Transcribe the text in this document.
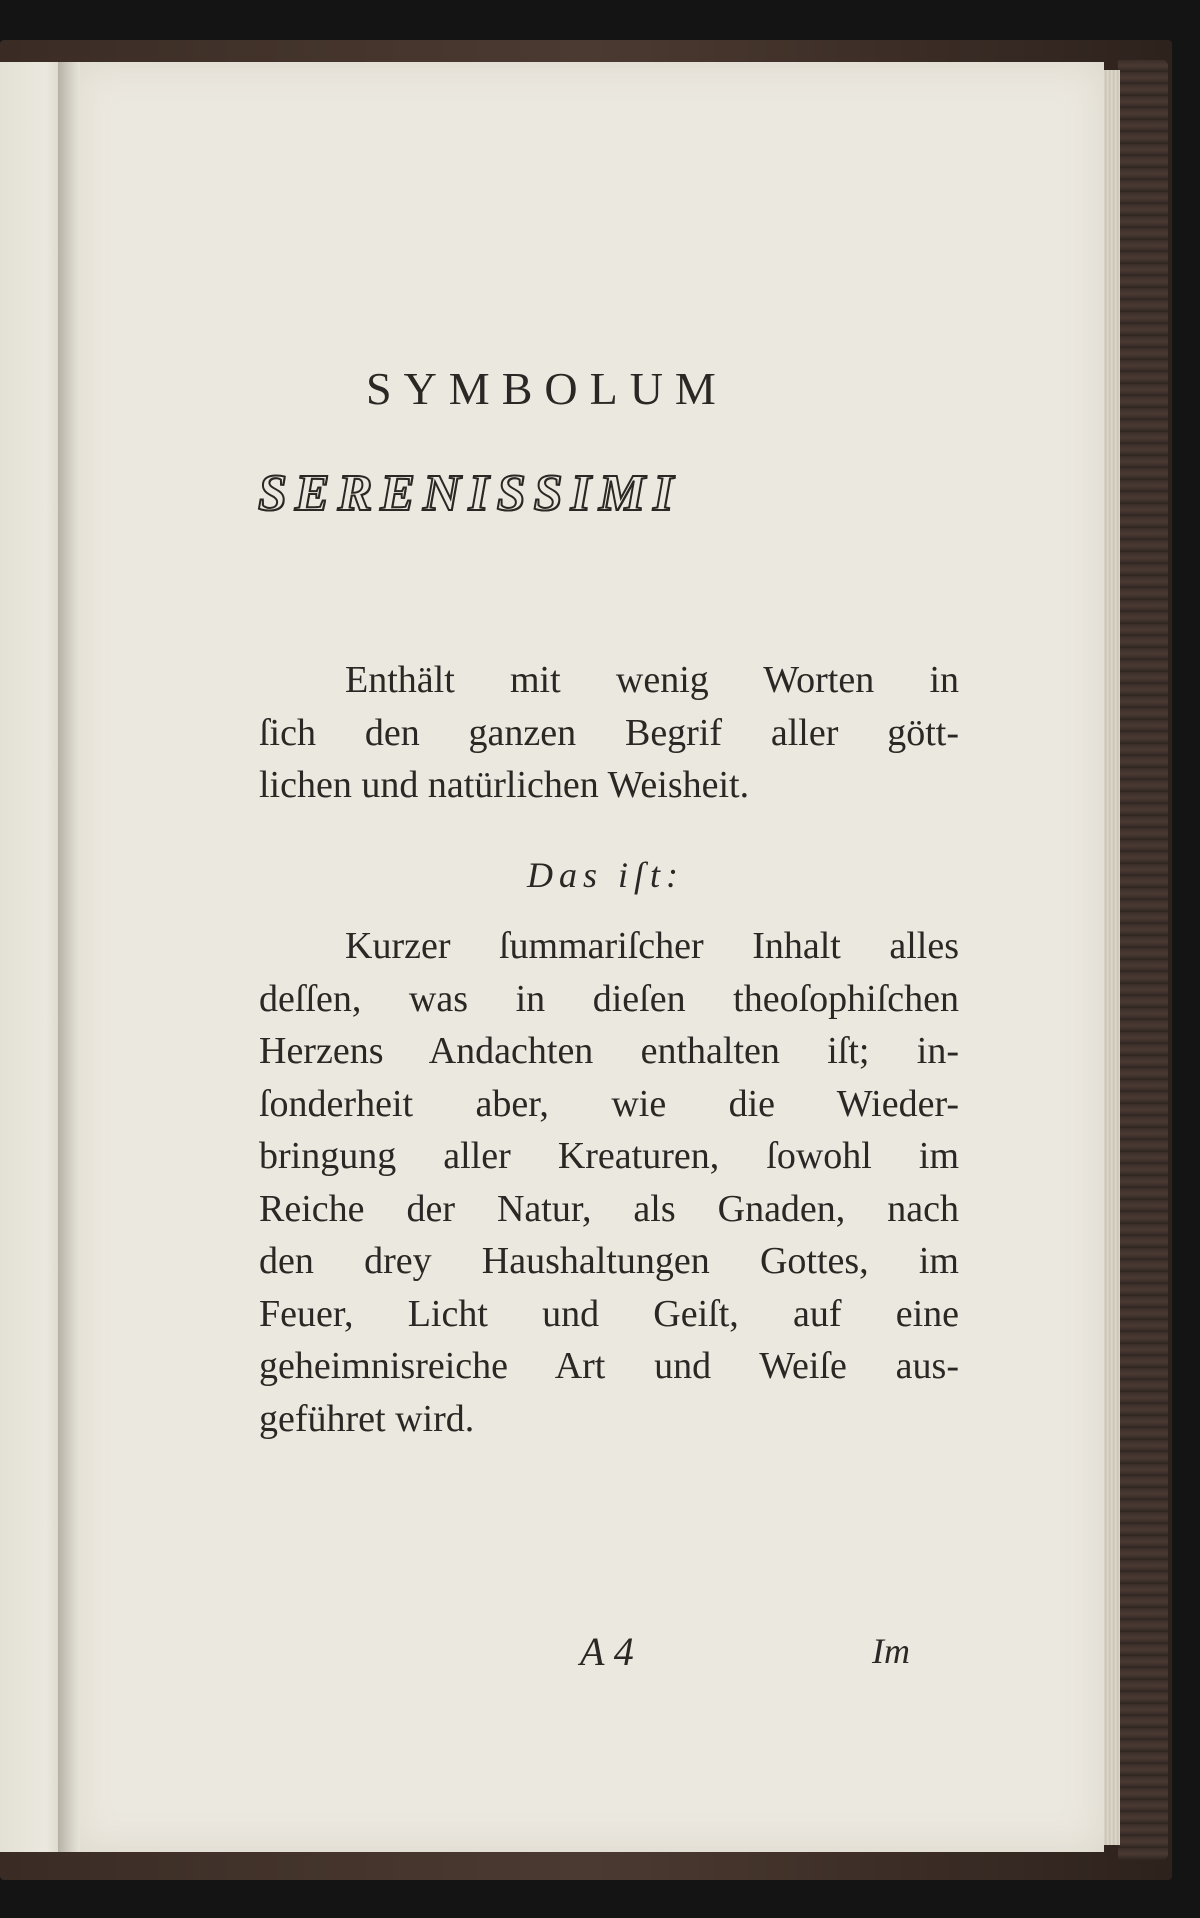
SYMBOLUM
SERENISSIMI
Enthält mit wenig Worten in
ſich den ganzen Begrif aller gött-
lichen und natürlichen Weisheit.
Das iſt:
Kurzer ſummariſcher Inhalt alles
deſſen, was in dieſen theoſophiſchen
Herzens Andachten enthalten iſt; in-
ſonderheit aber, wie die Wieder-
bringung aller Kreaturen, ſowohl im
Reiche der Natur, als Gnaden, nach
den drey Haushaltungen Gottes, im
Feuer, Licht und Geiſt, auf eine
geheimnisreiche Art und Weiſe aus-
geführet wird.
A 4	Im
